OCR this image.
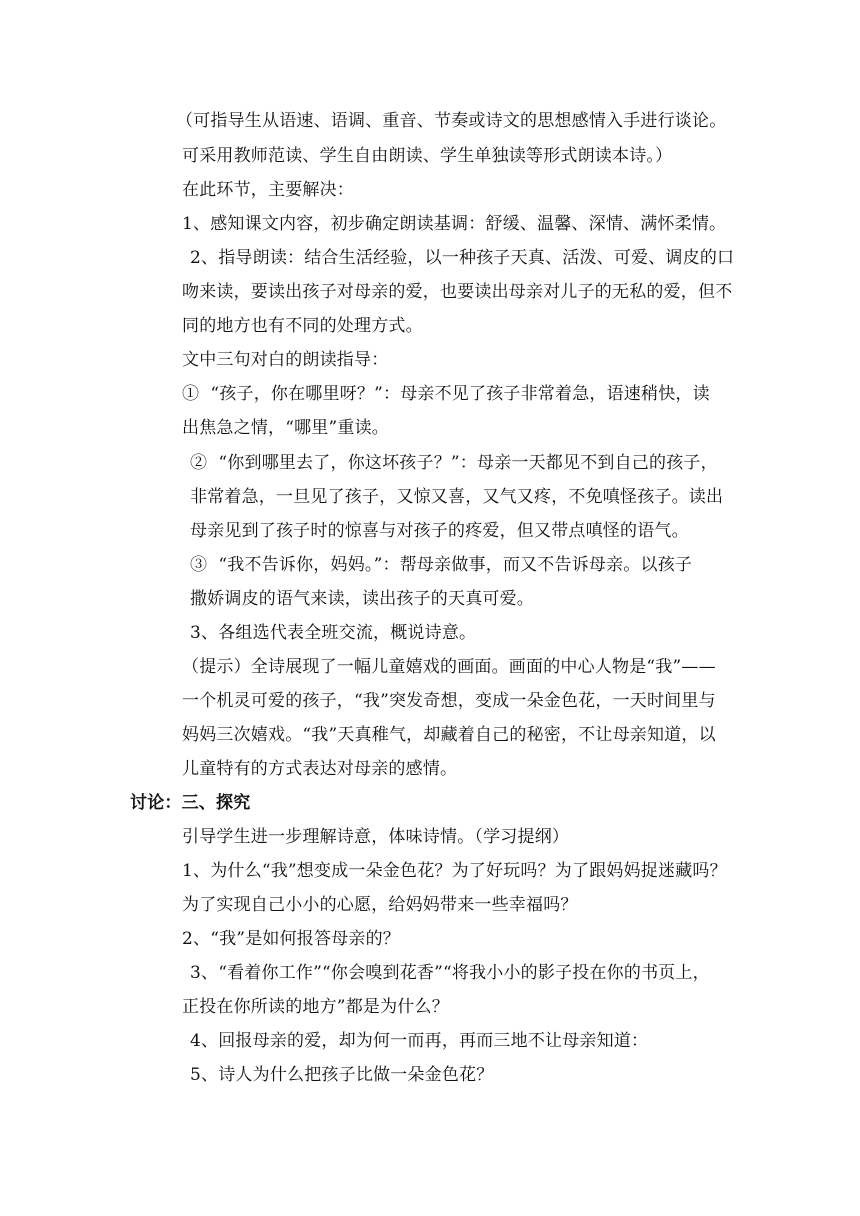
（可指导生从语速、语调、重音、节奏或诗文的思想感情入手进行谈论。
可采用教师范读、学生自由朗读、学生单独读等形式朗读本诗。）
在此环节，主要解决：
1、感知课文内容，初步确定朗读基调：舒缓、温馨、深情、满怀柔情。
2、指导朗读：结合生活经验，以一种孩子天真、活泼、可爱、调皮的口
吻来读，要读出孩子对母亲的爱，也要读出母亲对儿子的无私的爱，但不
同的地方也有不同的处理方式。
文中三句对白的朗读指导：
①  “孩子，你在哪里呀？”：母亲不见了孩子非常着急，语速稍快，读
出焦急之情，“哪里”重读。
②  “你到哪里去了，你这坏孩子？”：母亲一天都见不到自己的孩子，
非常着急，一旦见了孩子，又惊又喜，又气又疼，不免嗔怪孩子。读出
母亲见到了孩子时的惊喜与对孩子的疼爱，但又带点嗔怪的语气。
③  “我不告诉你，妈妈。”：帮母亲做事，而又不告诉母亲。以孩子
撒娇调皮的语气来读，读出孩子的天真可爱。
3、各组选代表全班交流，概说诗意。
（提示）全诗展现了一幅儿童嬉戏的画面。画面的中心人物是“我”——
一个机灵可爱的孩子，“我”突发奇想，变成一朵金色花，一天时间里与
妈妈三次嬉戏。“我”天真稚气，却藏着自己的秘密，不让母亲知道，以
儿童特有的方式表达对母亲的感情。
讨论：三、探究
引导学生进一步理解诗意，体味诗情。（学习提纲）
1、为什么“我”想变成一朵金色花？为了好玩吗？为了跟妈妈捉迷藏吗？
为了实现自己小小的心愿，给妈妈带来一些幸福吗？
2、“我”是如何报答母亲的？
3、“看着你工作”“你会嗅到花香”“将我小小的影子投在你的书页上，
正投在你所读的地方”都是为什么？
4、回报母亲的爱，却为何一而再，再而三地不让母亲知道：
5、诗人为什么把孩子比做一朵金色花？
